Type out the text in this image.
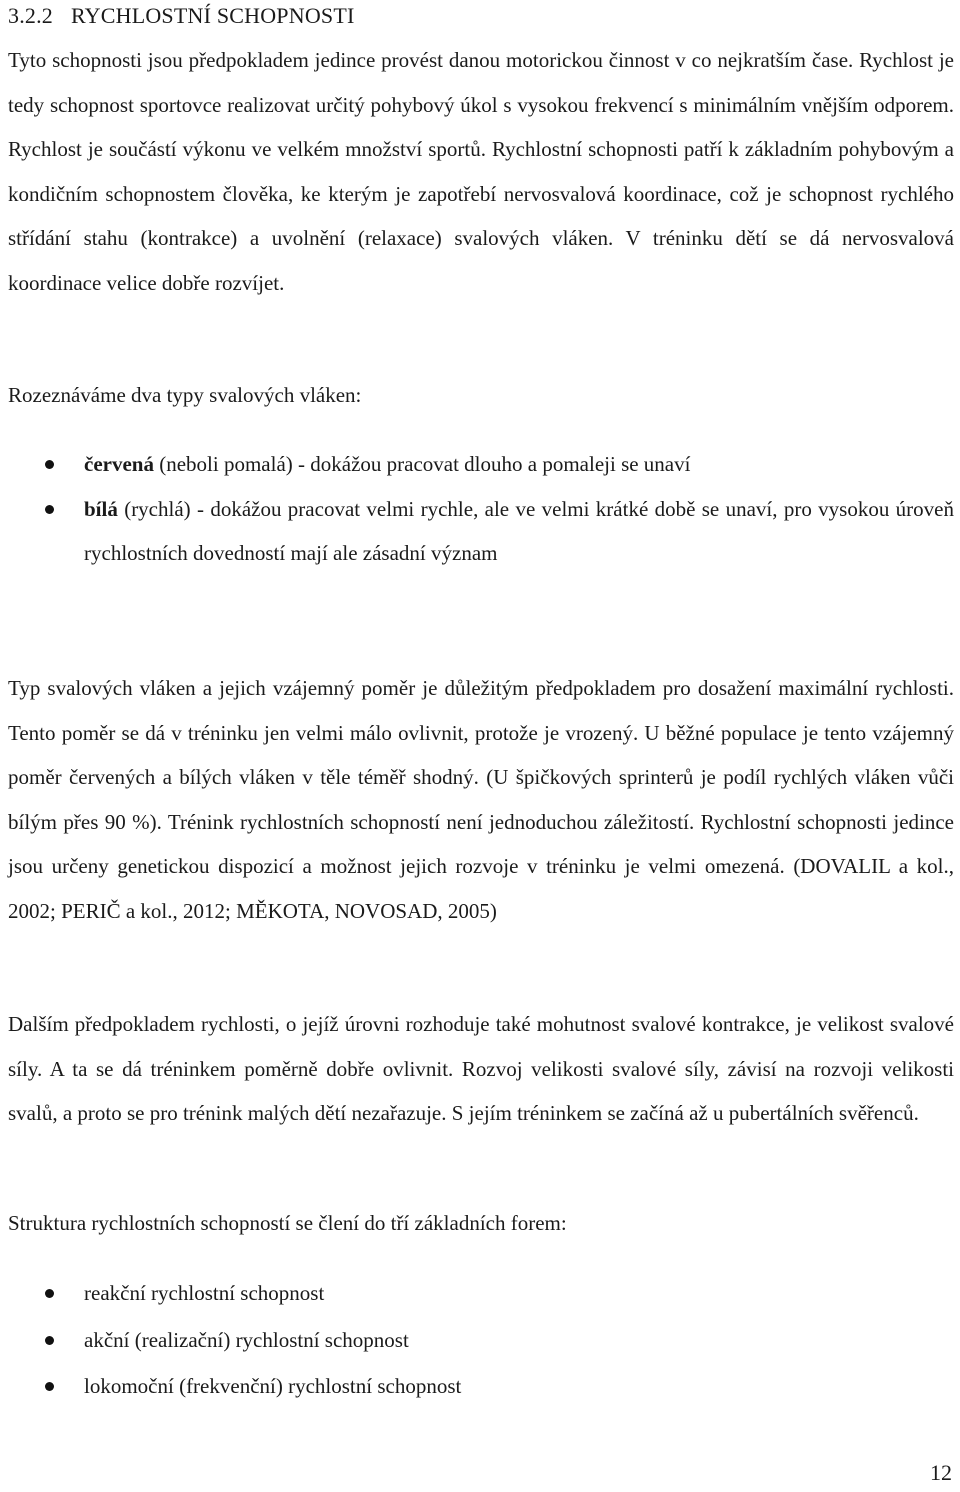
3.2.2 RYCHLOSTNÍ SCHOPNOSTI

Tyto schopnosti jsou předpokladem jedince provést danou motorickou činnost v co nejkratším čase. Rychlost je tedy schopnost sportovce realizovat určitý pohybový úkol s vysokou frekvencí s minimálním vnějším odporem. Rychlost je součástí výkonu ve velkém množství sportů. Rychlostní schopnosti patří k základním pohybovým a kondičním schopnostem člověka, ke kterým je zapotřebí nervosvalová koordinace, což je schopnost rychlého střídání stahu (kontrakce) a uvolnění (relaxace) svalových vláken. V tréninku dětí se dá nervosvalová koordinace velice dobře rozvíjet.

Rozeznáváme dva typy svalových vláken:

červená (neboli pomalá) - dokážou pracovat dlouho a pomaleji se unaví
bílá (rychlá) - dokážou pracovat velmi rychle, ale ve velmi krátké době se unaví, pro vysokou úroveň rychlostních dovedností mají ale zásadní význam

Typ svalových vláken a jejich vzájemný poměr je důležitým předpokladem pro dosažení maximální rychlosti. Tento poměr se dá v tréninku jen velmi málo ovlivnit, protože je vrozený. U běžné populace je tento vzájemný poměr červených a bílých vláken v těle téměř shodný. (U špičkových sprinterů je podíl rychlých vláken vůči bílým přes 90 %). Trénink rychlostních schopností není jednoduchou záležitostí. Rychlostní schopnosti jedince jsou určeny genetickou dispozicí a možnost jejich rozvoje v tréninku je velmi omezená. (DOVALIL a kol., 2002; PERIČ a kol., 2012; MĚKOTA, NOVOSAD, 2005)

Dalším předpokladem rychlosti, o jejíž úrovni rozhoduje také mohutnost svalové kontrakce, je velikost svalové síly. A ta se dá tréninkem poměrně dobře ovlivnit. Rozvoj velikosti svalové síly, závisí na rozvoji velikosti svalů, a proto se pro trénink malých dětí nezařazuje. S jejím tréninkem se začíná až u pubertálních svěřenců.

Struktura rychlostních schopností se člení do tří základních forem:

reakční rychlostní schopnost
akční (realizační) rychlostní schopnost
lokomoční (frekvenční) rychlostní schopnost
12
